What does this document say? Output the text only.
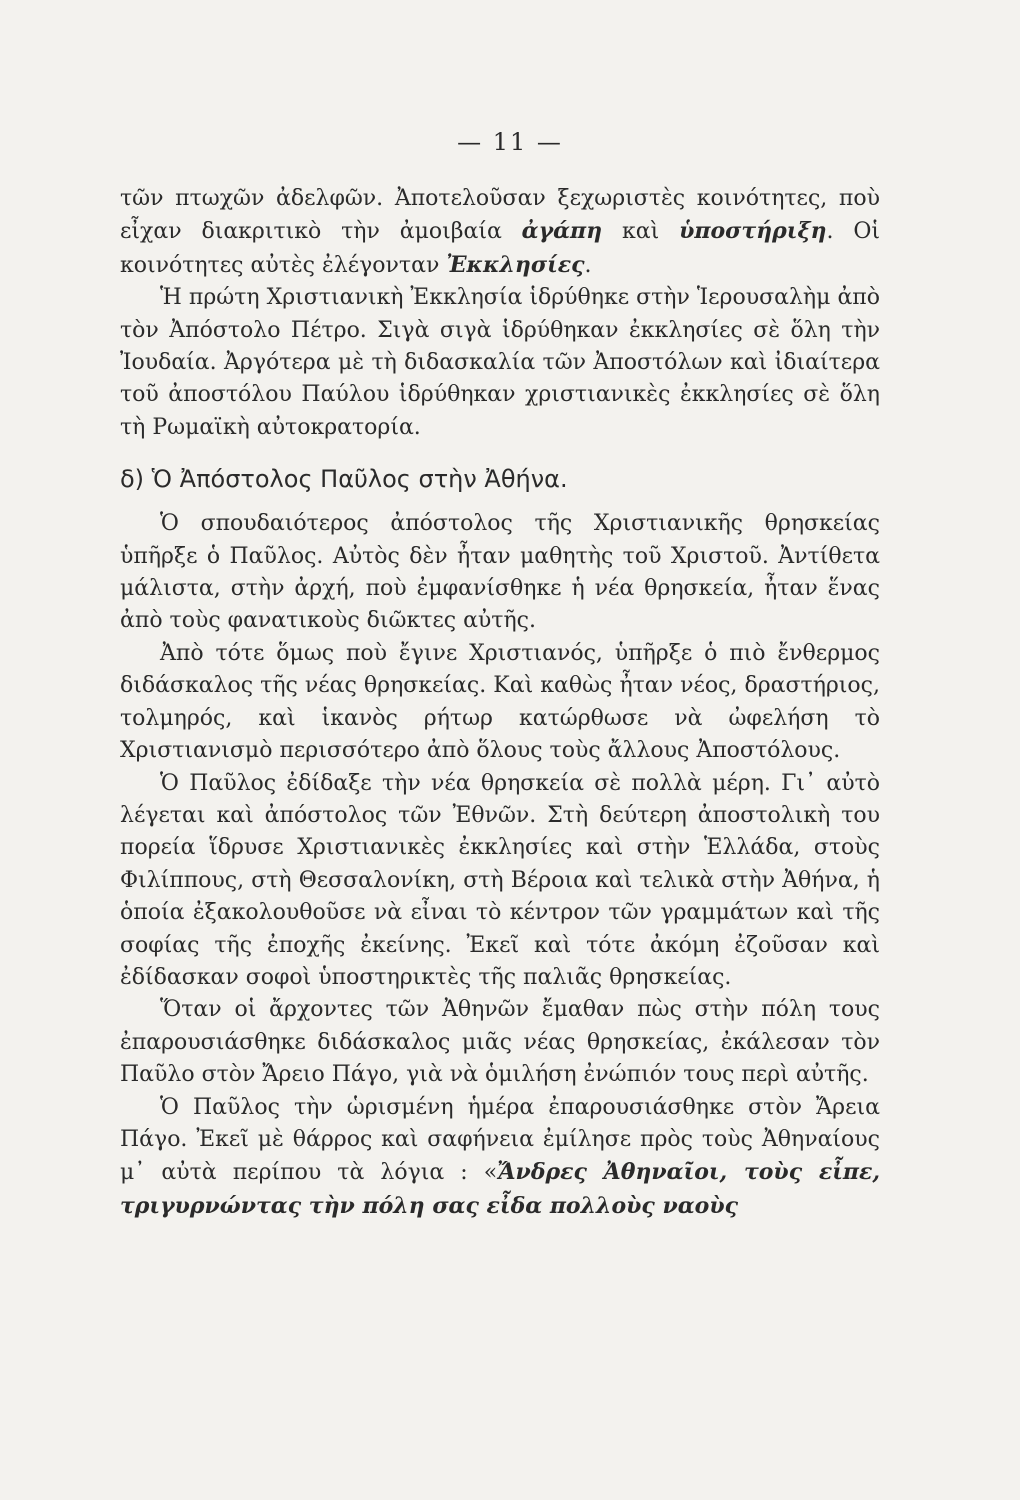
— 11 —

τῶν πτωχῶν ἀδελφῶν. Ἀποτελοῦσαν ξεχωριστὲς κοινότητες, ποὺ εἶχαν διακριτικὸ τὴν ἀμοιβαία ἀγάπη καὶ ὑποστήριξη. Οἱ κοινότητες αὐτὲς ἐλέγονταν Ἐκκλησίες.

Ἡ πρώτη Χριστιανικὴ Ἐκκλησία ἱδρύθηκε στὴν Ἱερουσαλὴμ ἀπὸ τὸν Ἀπόστολο Πέτρο. Σιγὰ σιγὰ ἱδρύθηκαν ἐκκλησίες σὲ ὅλη τὴν Ἰουδαία. Ἀργότερα μὲ τὴ διδασκαλία τῶν Ἀποστόλων καὶ ἰδιαίτερα τοῦ ἀποστόλου Παύλου ἱδρύθηκαν χριστιανικὲς ἐκκλησίες σὲ ὅλη τὴ Ρωμαϊκὴ αὐτοκρατορία.

δ) Ὁ Ἀπόστολος Παῦλος στὴν Ἀθήνα.

Ὁ σπουδαιότερος ἀπόστολος τῆς Χριστιανικῆς θρησκείας ὑπῆρξε ὁ Παῦλος. Αὐτὸς δὲν ἦταν μαθητὴς τοῦ Χριστοῦ. Ἀντίθετα μάλιστα, στὴν ἀρχή, ποὺ ἐμφανίσθηκε ἡ νέα θρησκεία, ἦταν ἕνας ἀπὸ τοὺς φανατικοὺς διῶκτες αὐτῆς.

Ἀπὸ τότε ὅμως ποὺ ἔγινε Χριστιανός, ὑπῆρξε ὁ πιὸ ἔνθερμος διδάσκαλος τῆς νέας θρησκείας. Καὶ καθὼς ἦταν νέος, δραστήριος, τολμηρός, καὶ ἱκανὸς ρήτωρ κατώρθωσε νὰ ὠφελήση τὸ Χριστιανισμὸ περισσότερο ἀπὸ ὅλους τοὺς ἄλλους Ἀποστόλους.

Ὁ Παῦλος ἐδίδαξε τὴν νέα θρησκεία σὲ πολλὰ μέρη. Γι᾽ αὐτὸ λέγεται καὶ ἀπόστολος τῶν Ἐθνῶν. Στὴ δεύτερη ἀποστολικὴ του πορεία ἵδρυσε Χριστιανικὲς ἐκκλησίες καὶ στὴν Ἑλλάδα, στοὺς Φιλίππους, στὴ Θεσσαλονίκη, στὴ Βέροια καὶ τελικὰ στὴν Ἀθήνα, ἡ ὁποία ἐξακολουθοῦσε νὰ εἶναι τὸ κέντρον τῶν γραμμάτων καὶ τῆς σοφίας τῆς ἐποχῆς ἐκείνης. Ἐκεῖ καὶ τότε ἀκόμη ἐζοῦσαν καὶ ἐδίδασκαν σοφοὶ ὑποστηρικτὲς τῆς παλιᾶς θρησκείας.

Ὅταν οἱ ἄρχοντες τῶν Ἀθηνῶν ἔμαθαν πὼς στὴν πόλη τους ἐπαρουσιάσθηκε διδάσκαλος μιᾶς νέας θρησκείας, ἐκάλεσαν τὸν Παῦλο στὸν Ἄρειο Πάγο, γιὰ νὰ ὁμιλήση ἐνώπιόν τους περὶ αὐτῆς.

Ὁ Παῦλος τὴν ὡρισμένη ἡμέρα ἐπαρουσιάσθηκε στὸν Ἄρεια Πάγο. Ἐκεῖ μὲ θάρρος καὶ σαφήνεια ἐμίλησε πρὸς τοὺς Ἀθηναίους μ᾽ αὐτὰ περίπου τὰ λόγια : «Ἄνδρες Ἀθηναῖοι, τοὺς εἶπε, τριγυρνώντας τὴν πόλη σας εἶδα πολλοὺς ναοὺς
